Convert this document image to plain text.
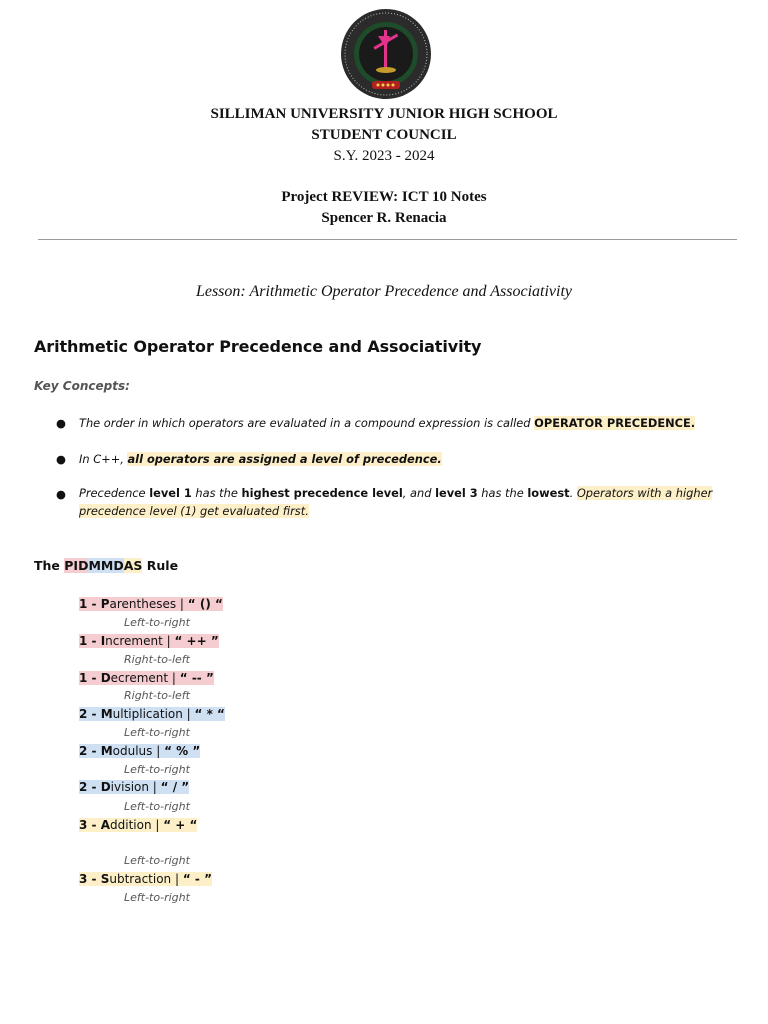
SILLIMAN UNIVERSITY JUNIOR HIGH SCHOOL
STUDENT COUNCIL
S.Y. 2023 - 2024
Project REVIEW: ICT 10 Notes
Spencer R. Renacia
Lesson: Arithmetic Operator Precedence and Associativity
Arithmetic Operator Precedence and Associativity
Key Concepts:
● The order in which operators are evaluated in a compound expression is called OPERATOR PRECEDENCE.
● In C++, all operators are assigned a level of precedence.
● Precedence level 1 has the highest precedence level, and level 3 has the lowest. Operators with a higher precedence level (1) get evaluated first.
The PIDMMDAS Rule
1 - Parentheses | “ () “
Left-to-right
1 - Increment | “ ++ ”
Right-to-left
1 - Decrement | “ -- ”
Right-to-left
2 - Multiplication | “ * “
Left-to-right
2 - Modulus | “ % ”
Left-to-right
2 - Division | “ / ”
Left-to-right
3 - Addition | “ + “
Left-to-right
3 - Subtraction | “ - ”
Left-to-right
